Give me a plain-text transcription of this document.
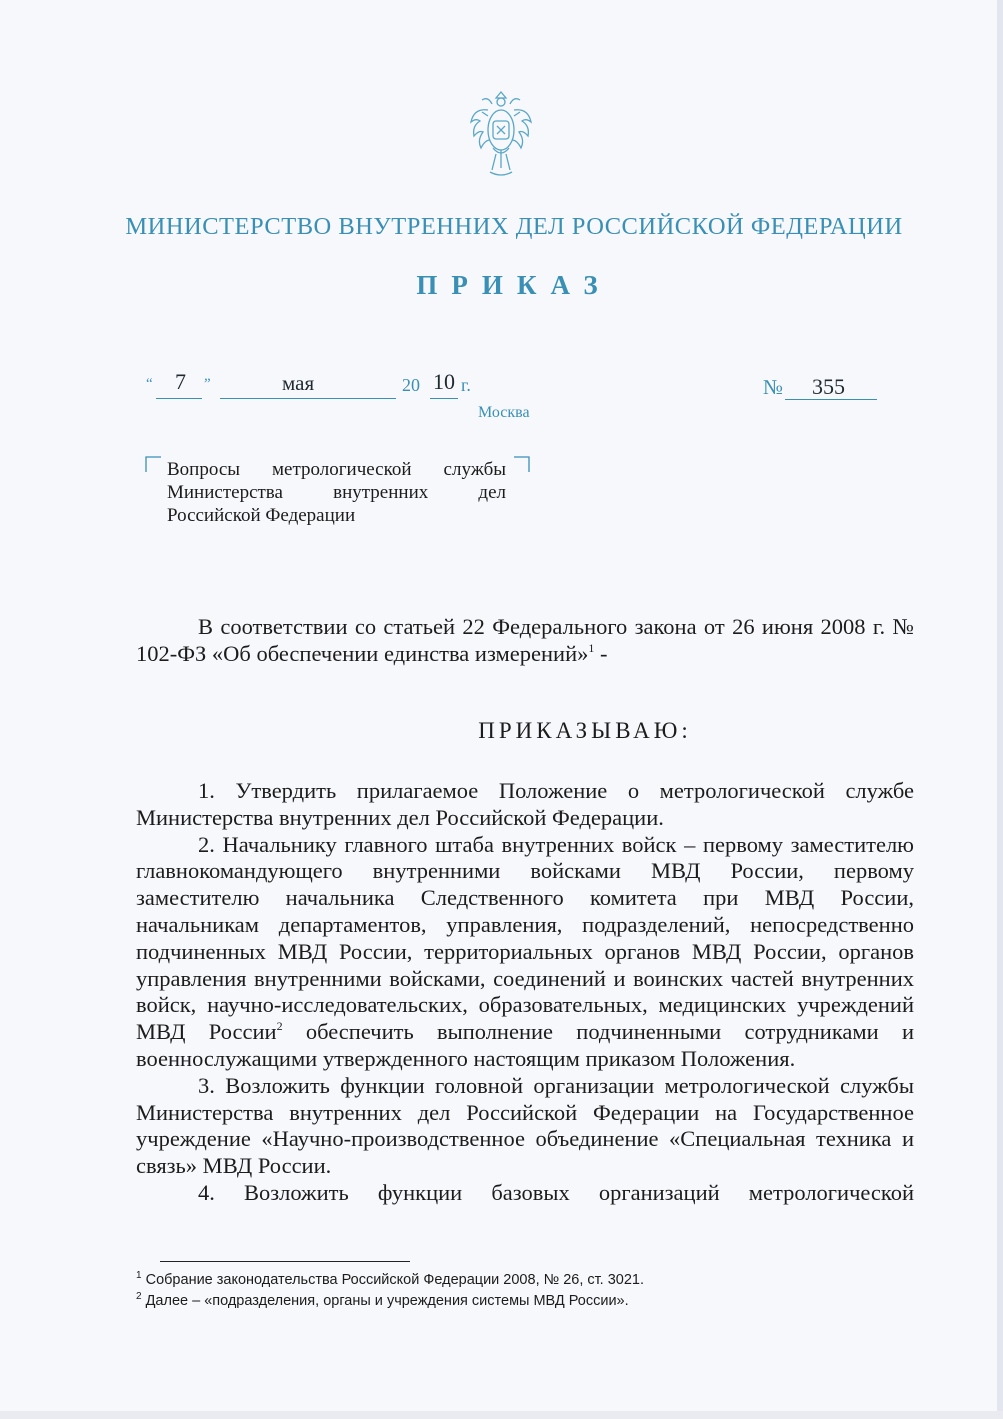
МИНИСТЕРСТВО ВНУТРЕННИХ ДЕЛ РОССИЙСКОЙ ФЕДЕРАЦИИ
ПРИКАЗ
“ 7 ”	мая	20 10 г.	№ 355
Москва
Вопросы метрологической службы
Министерства внутренних дел
Российской Федерации

В соответствии со статьей 22 Федерального закона от 26 июня 2008 г. № 102-ФЗ «Об обеспечении единства измерений»$^1$ -

ПРИКАЗЫВАЮ:

1. Утвердить прилагаемое Положение о метрологической службе Министерства внутренних дел Российской Федерации.

2. Начальнику главного штаба внутренних войск – первому заместителю главнокомандующего внутренними войсками МВД России, первому заместителю начальника Следственного комитета при МВД России, начальникам департаментов, управления, подразделений, непосредственно подчиненных МВД России, территориальных органов МВД России, органов управления внутренними войсками, соединений и воинских частей внутренних войск, научно-исследовательских, образовательных, медицинских учреждений МВД России$^2$ обеспечить выполнение подчиненными сотрудниками и военнослужащими утвержденного настоящим приказом Положения.

3. Возложить функции головной организации метрологической службы Министерства внутренних дел Российской Федерации на Государственное учреждение «Научно-производственное объединение «Специальная техника и связь» МВД России.

4. Возложить функции базовых организаций метрологической

$^1$ Собрание законодательства Российской Федерации 2008, № 26, ст. 3021.
$^2$ Далее – «подразделения, органы и учреждения системы МВД России».
